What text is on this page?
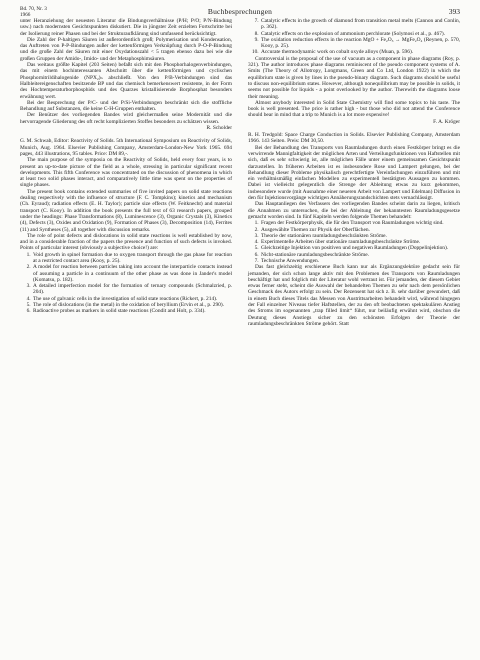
Bd. 70, Nr. 3
1966	Buchbesprechungen	393

unter Heranziehung der neuesten Literatur die Bindungsverhältnisse (P/H; P/O; P/N-Bindung usw.) nach modernsten Gesichtspunkten diskutiert. Die in jüngster Zeit erzielten Fortschritte bei der Isolierung reiner Phasen und bei der Strukturaufklärung sind umfassend berücksichtigt.

Die Zahl der P-haltigen Säuren ist außerordentlich groß; Polymerisation und Kondensation, das Auftreten von P-P-Bindungen außer der kettenförmigen Verknüpfung durch P-O-P-Bindung und die große Zahl der Säuren mit einer Oxydationszahl < 5 tragen ebenso dazu bei wie die großen Gruppen der Amido-, Imido- und der Metaphosphimsäuren.

Das weitaus größte Kapitel (203 Seiten) befaßt sich mit den Phosphorhalogenverbindungen, das mit einem hochinteressanten Abschnitt über die kettenförmigen und cyclischen Phosphornitrildihalogenide (NPX₂)ₙ abschließt. Von den P/B-Verbindungen sind das Halbleitereigenschaften besitzende BP und das chemisch bemerkenswert resistente, in der Form des Hochtemperaturborphosphids und des Quarzes kristallisierende Borphosphat besonders erwähnung wert.

Bei der Besprechung der P/C- und der P/Si-Verbindungen beschränkt sich die stoffliche Behandlung auf Substanzen, die keine C-H-Gruppen enthalten.

Der Benützer des vorliegenden Bandes wird gleichermaßen seine Modernität und die hervorragende Gliederung des oft recht komplizierten Stoffes besonders zu schätzen wissen.

R. Scholder

G. M. Schwab, Editor: Reactivity of Solids. 5th International Symposium on Reactivity of Solids, Munich, Aug. 1964. Elsevier Publishing Company, Amsterdam-London-New York 1965. 694 pages, 443 illustrations, 95 tables. Price: DM 89,-.

The main purpose of the symposia on the Reactivity of Solids, held every four years, is to present an up-to-date picture of the field as a whole, stressing in particular significant recent developments. This fifth Conference was concentrated on the discussion of phenomena in which at least two solid phases interact, and comparatively little time was spent on the properties of single phases.

The present book contains extended summaries of five invited papers on solid state reactions dealing respectively with the influence of structure (F. C. Tompkins); kinetics and mechanism (Ch. Eyraud); radiation effects (E. H. Taylor); particle size effects (W. Feitknecht) and material transport (C. Kooy). In addition the book presents the full text of 63 research papers, grouped under the headings: Phase Transformations (8), Luminescence (3), Organic Crystals (3), Kinetics (4), Defects (3), Oxides and Oxidation (9), Formation of Phases (3), Decomposition (14), Ferrites (11) and Syntheses (5), all together with discussion remarks.

The role of point defects and dislocations in solid state reactions is well established by now, and in a considerable fraction of the papers the presence and function of such defects is invoked. Points of particular interest (obviously a subjective choice!) are:

1. Void growth in spinel formation due to oxygen transport through the gas phase for reaction at a restricted contact area (Kooy, p. 25).
2. A model for reaction between particles taking into account the interparticle contacts instead of assuming a particle in a continuum of the other phase as was done in Jander's model (Komatsu, p. 182).
3. A detailed imperfection model for the formation of ternary compounds (Schmalzried, p. 204).
4. The use of galvanic cells in the investigation of solid state reactions (Rickert, p. 214).
5. The role of dislocations (in the metal) in the oxidation of beryllium (Ervin et al., p. 290).
6. Radioactive probes as markers in solid state reactions (Condit and Holt, p. 334).
7. Catalytic effects in the growth of diamond from transition metal melts (Cannon and Conlin, p. 362).
8. Catalytic effects on the explosion of ammonium perchlorate (Solymosi et al., p. 467).
9. The oxidation reduction effects in the reaction MgO + Fe₂O₃ → MgFe₂O₄ (Reynen, p. 570, Kooy, p. 25).
10. Accurate thermodynamic work on cobalt oxyde alloys (Muan, p. 596).

Controversial is the proposal of the use of vacuum as a component in phase diagrams (Roy, p. 321). The author introduces phase diagrams reminiscent of the pseudo component systems of A. Smits (The Theory of Allotropy, Longmans, Green and Co Ltd, London 1922) in which the equilibrium state is given by lines in the pseudo-binary diagram. Such diagrams should be useful to discuss non-equilibrium states. However, although nonequilibrium may be possible in solids, it seems not possible for liquids - a point overlooked by the author. Therewith the diagrams loose their meaning.

Almost anybody interested in Solid State Chemistry will find some topics to his taste. The book is well presented. The price is rather high - but those who did not attend the Conference should bear in mind that a trip to Munich is a lot more expensive!

F. A. Kröger

R. H. Tredgold: Space Charge Conduction in Solids. Elsevier Publishing Company, Amsterdam 1966. 143 Seiten. Preis: DM 30,50.

Bei der Behandlung des Transports von Raumladungen durch einen Festkörper bringt es die verwirrende Mannigfaltigkeit der möglichen Arten und Verteilungsfunktionen von Haftstellen mit sich, daß es sehr schwierig ist, alle möglichen Fälle unter einem gemeinsamen Gesichtspunkt darzustellen. In früheren Arbeiten ist es insbesondere Rose und Lampert gelungen, bei der Behandlung dieser Probleme physikalisch gerechtfertigte Vereinfachungen einzuführen und mit ein verhältnismäßig einfachen Modellen zu experimentell bestätigten Aussagen zu kommen. Dabei ist vielleicht gelegentlich die Strenge der Ableitung etwas zu kurz gekommen, insbesondere wurde (mit Ausnahme einer neueren Arbeit von Lampert und Edelman) Diffusion in den für Injektionsvorgänge wichtigen Annäherungsrandschichten stets vernachlässigt.

Das Hauptanliegen des Verfassers des vorliegenden Bandes scheint darin zu liegen, kritisch die Annahmen zu untersuchen, die bei der Ableitung der bekanntesten Raumladungsgesetze gemacht worden sind. In fünf Kapiteln werden folgende Themen behandelt:

1. Fragen der Festkörperphysik, die für den Transport von Raumladungen wichtig sind.
2. Ausgewählte Themen zur Physik der Oberflächen.
3. Theorie der stationären raumladungsbeschränkten Ströme.
4. Experimentelle Arbeiten über stationäre raumladungsbeschränkte Ströme.
5. Gleichzeitige Injektion von positiven und negativen Raumladungen (Doppelinjektion).
6. Nicht-stationäre raumladungsbeschränkte Ströme.
7. Technische Anwendungen.

Das fast gleichzeitig erschienene Buch kann nur als Ergänzungslektüre gedacht sein für jemanden, der sich schon lange aktiv mit den Problemen des Transports von Raumladungen beschäftigt hat und folglich mit der Literatur wohl vertraut ist. Für jemanden, der diesem Gebiet etwas ferner steht, scheint die Auswahl der behandelten Themen zu sehr nach dem persönlichen Geschmack des Autors erfolgt zu sein. Der Rezensent hat sich z. B. sehr darüber gewundert, daß in einem Buch dieses Titels das Messen von Austrittsarbeiten behandelt wird, während hingegen der Fall einzelner Niveaus tiefer Haftstellen, der zu den oft beobachteten spektakulären Anstieg des Stroms im sogenannten „trap filled limit“ führt, nur beiläufig erwähnt wird, obschon die Deutung dieses Anstiegs sicher zu den schönsten Erfolgen der Theorie der raumladungsbeschränkten Ströme gehört. Statt
